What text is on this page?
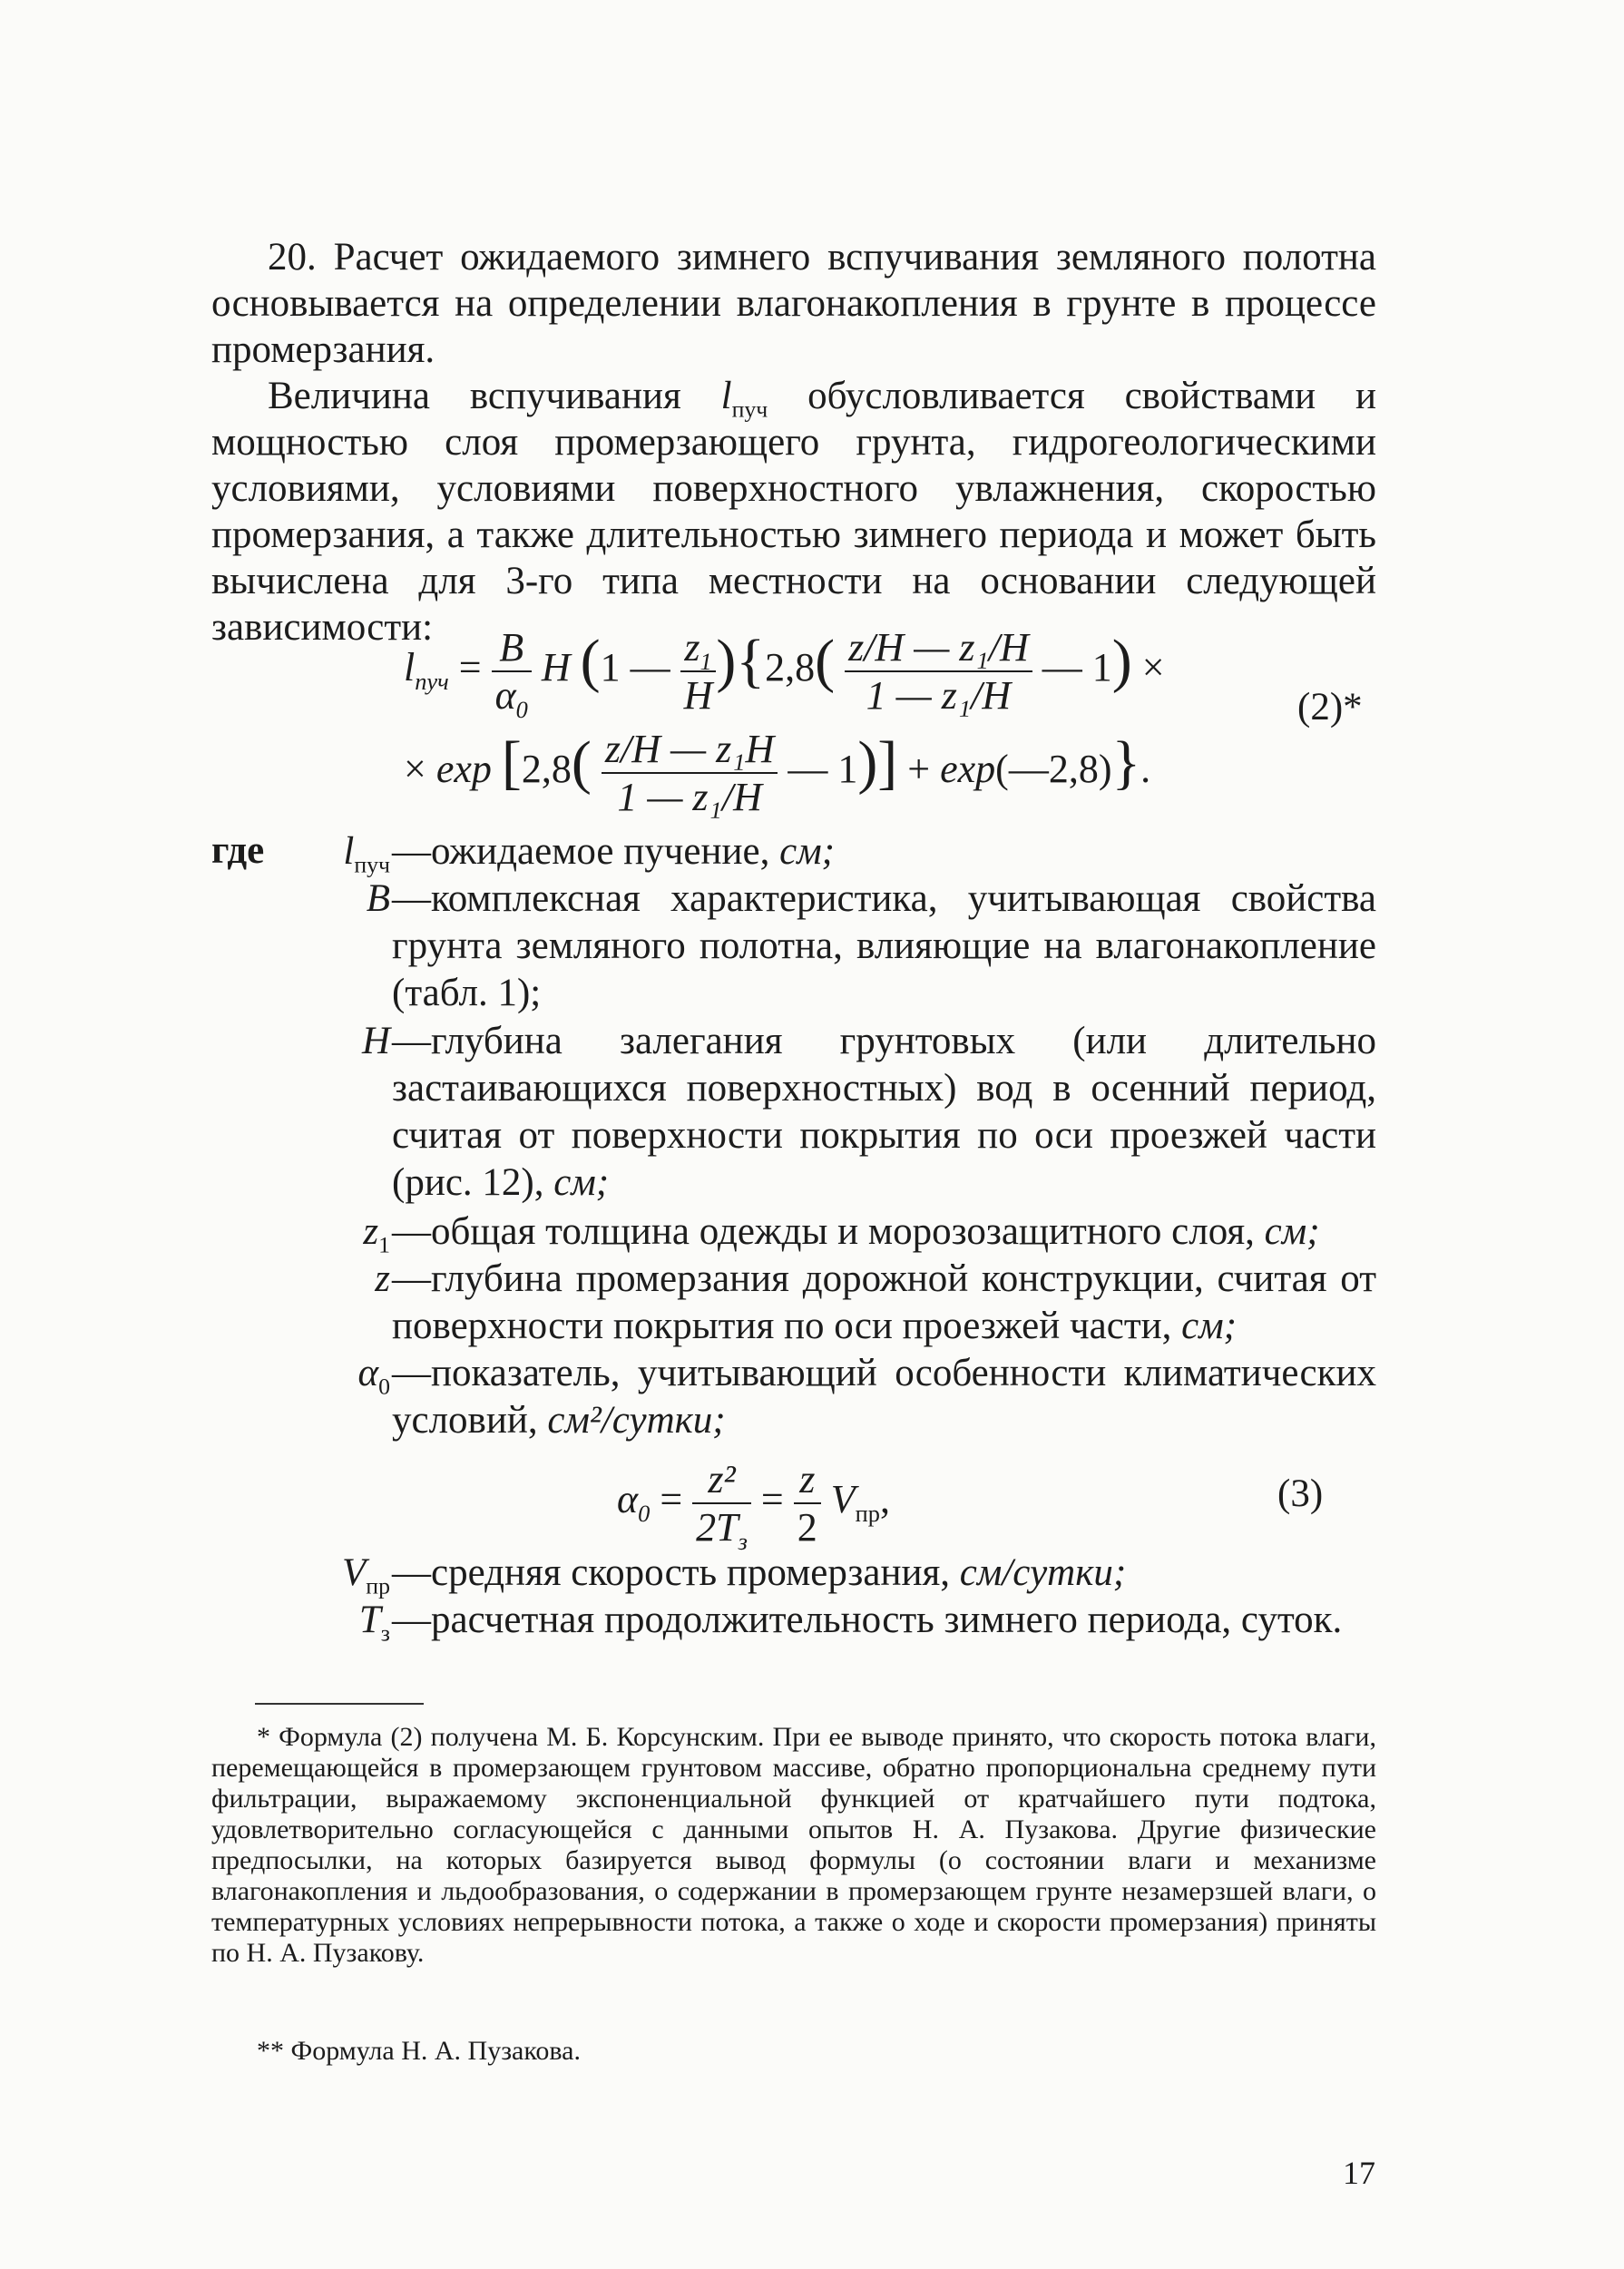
20. Расчет ожидаемого зимнего вспучивания земляного полотна основывается на определении влагонакопления в грунте в процессе промерзания.

Величина вспучивания $l_{пуч}$ обусловливается свойствами и мощностью слоя промерзающего грунта, гидрогеологическими условиями, условиями поверхностного увлажнения, скоростью промерзания, а также длительностью зимнего периода и может быть вычислена для 3-го типа местности на основании следующей зависимости:

$l_{пуч} = \frac{B}{\alpha_0}$ H (1 — $\frac{z_1}{H} )\{2,8( \frac{\text{z/H — z₁/H}}{\text{1 — z₁/H}}$ — 1) ×
× $\exp [2,8( \frac{\text{z/H — z₁H}}{\text{1 — z₁/H}}$ — 1)] + exp(—2,8)}.
(2)*
где	$l_{пуч}$ —ожидаемое пучение, см;
B —комплексная характеристика, учитывающая свойства грунта земляного полотна, влияющие на влагонакопление (табл. 1);
H —глубина залегания грунтовых (или длительно застаивающихся поверхностных) вод в осенний период, считая от поверхности покрытия по оси проезжей части (рис. 12), см;
$z_1$ —общая толщина одежды и морозозащитного слоя, см;
z —глубина промерзания дорожной конструкции, считая от поверхности покрытия по оси проезжей части, см;
$\alpha_0$ —показатель, учитывающий особенности климатических условий, см²/сутки;
$\alpha_0 = \frac{\text{z²}}{2T_з} = \frac{z}{2} V_{пр}$,	(3)
$V_{пр}$ —средняя скорость промерзания, см/сутки;
$T_з$ —расчетная продолжительность зимнего периода, суток.
* Формула (2) получена М. Б. Корсунским. При ее выводе принято, что скорость потока влаги, перемещающейся в промерзающем грунтовом массиве, обратно пропорциональна среднему пути фильтрации, выражаемому экспоненциальной функцией от кратчайшего пути подтока, удовлетворительно согласующейся с данными опытов Н. А. Пузакова. Другие физические предпосылки, на которых базируется вывод формулы (о состоянии влаги и механизме влагонакопления и льдообразования, о содержании в промерзающем грунте незамерзшей влаги, о температурных условиях непрерывности потока, а также о ходе и скорости промерзания) приняты по Н. А. Пузакову.
** Формула Н. А. Пузакова.
17
